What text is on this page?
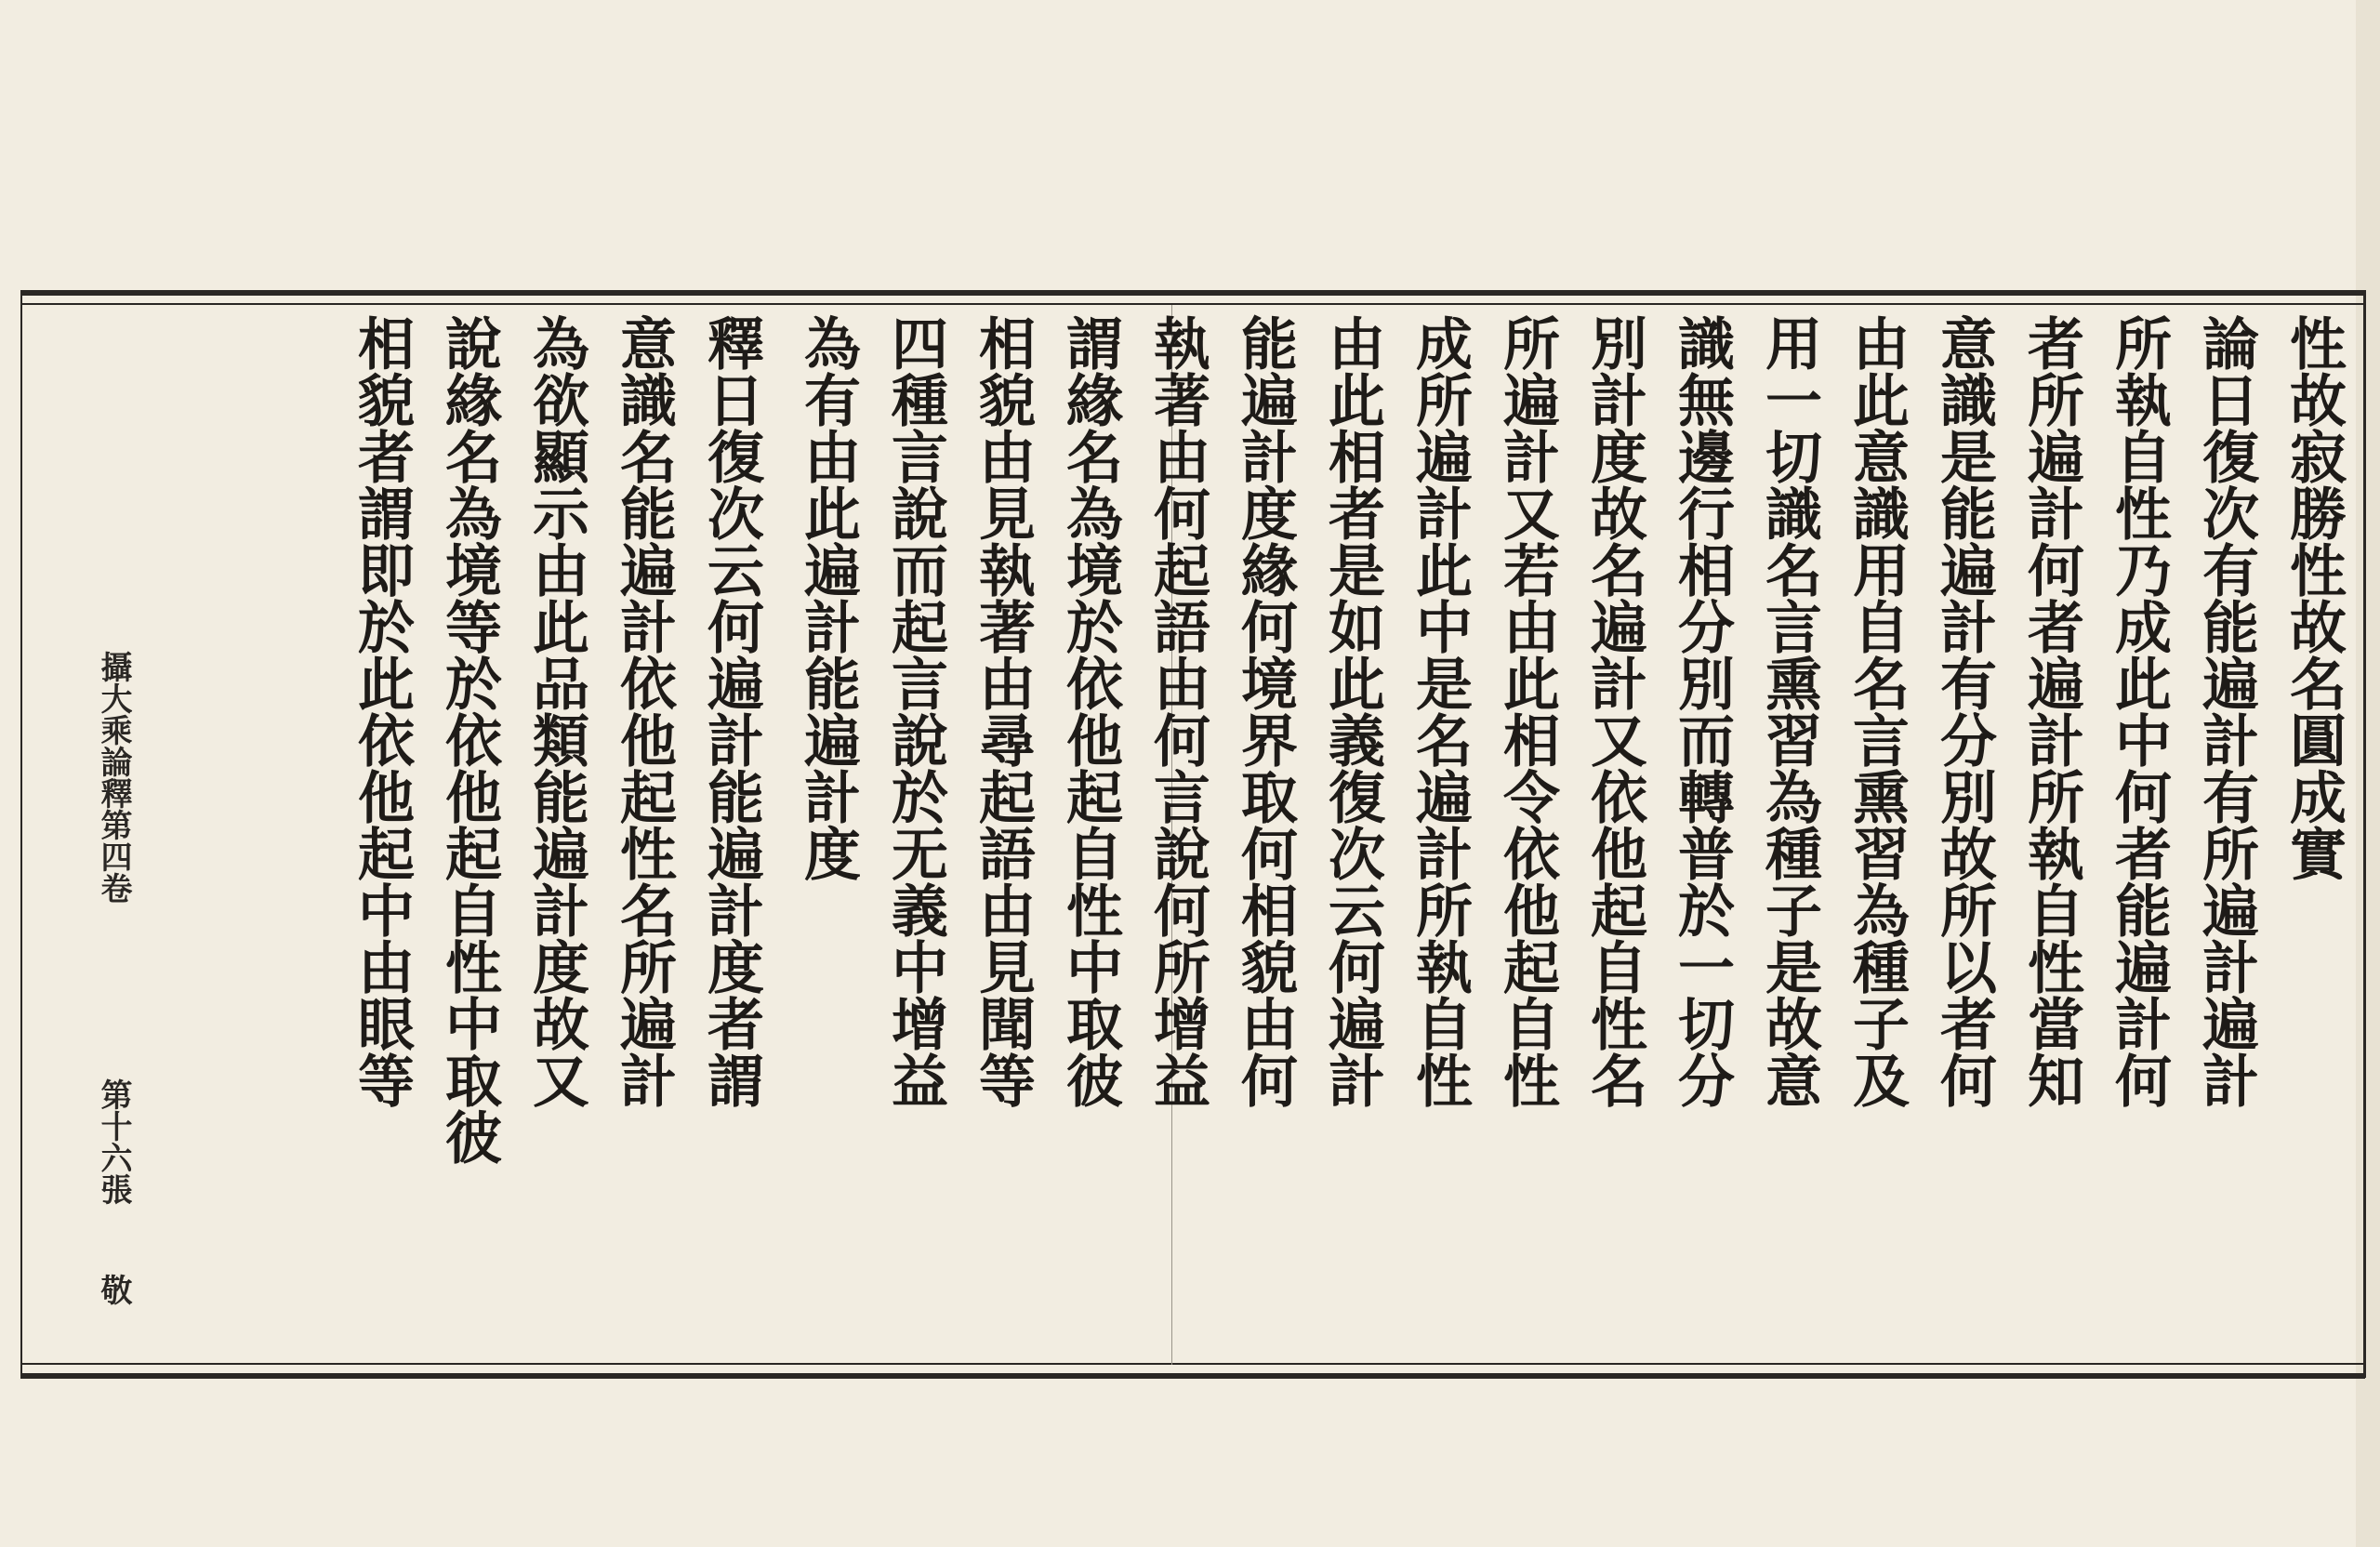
性故寂勝性故名圓成實
論日復次有能遍計有所遍計遍計
所執自性乃成此中何者能遍計何
者所遍計何者遍計所執自性當知
意識是能遍計有分別故所以者何
由此意識用自名言熏習為種子及
用一切識名言熏習為種子是故意
識無邊行相分別而轉普於一切分
別計度故名遍計又依他起自性名
所遍計又若由此相令依他起自性
成所遍計此中是名遍計所執自性
由此相者是如此義復次云何遍計
能遍計度緣何境界取何相貌由何
執著由何起語由何言說何所增益
謂緣名為境於依他起自性中取彼
相貌由見執著由尋起語由見聞等
四種言說而起言說於无義中增益
為有由此遍計能遍計度
釋日復次云何遍計能遍計度者謂
意識名能遍計依他起性名所遍計
為欲顯示由此品類能遍計度故又
說緣名為境等於依他起自性中取彼
相貌者謂即於此依他起中由眼等
攝大乘論釋第四卷
第十六張
敬
